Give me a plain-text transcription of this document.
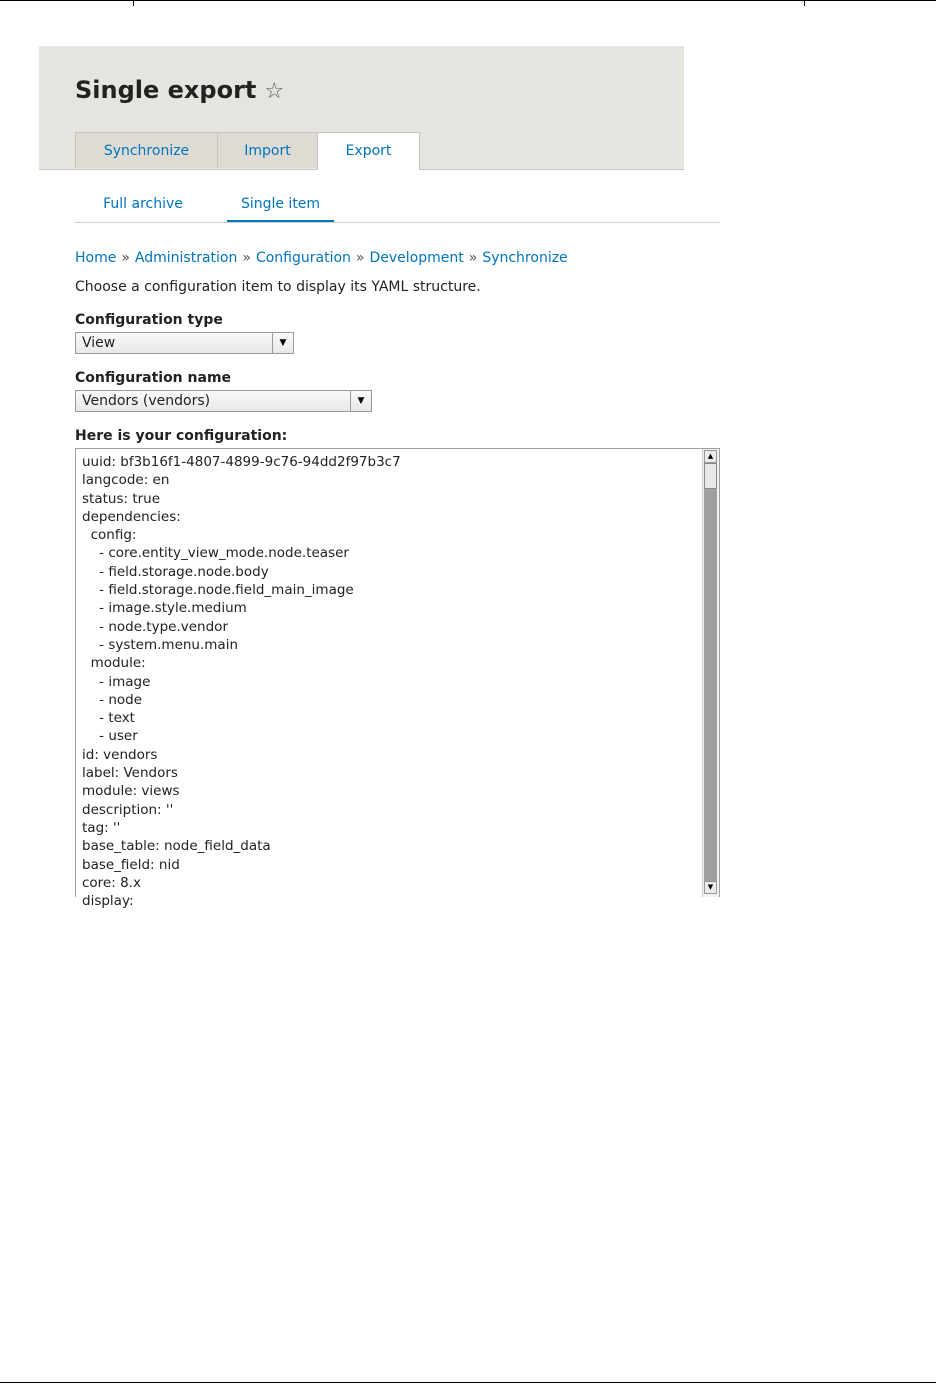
Single export ☆
Synchronize	Import	Export
Full archive	Single item
Home » Administration » Configuration » Development » Synchronize
Choose a configuration item to display its YAML structure.
Configuration type
View	▼
Configuration name
Vendors (vendors)	▼
Here is your configuration:
uuid: bf3b16f1-4807-4899-9c76-94dd2f97b3c7
langcode: en
status: true
dependencies:
config:
- core.entity_view_mode.node.teaser
- field.storage.node.body
- field.storage.node.field_main_image
- image.style.medium
- node.type.vendor
- system.menu.main
module:
- image
- node
- text
- user
id: vendors
label: Vendors
module: views
description: ''
tag: ''
base_table: node_field_data
base_field: nid
core: 8.x
display:
▲
▼
